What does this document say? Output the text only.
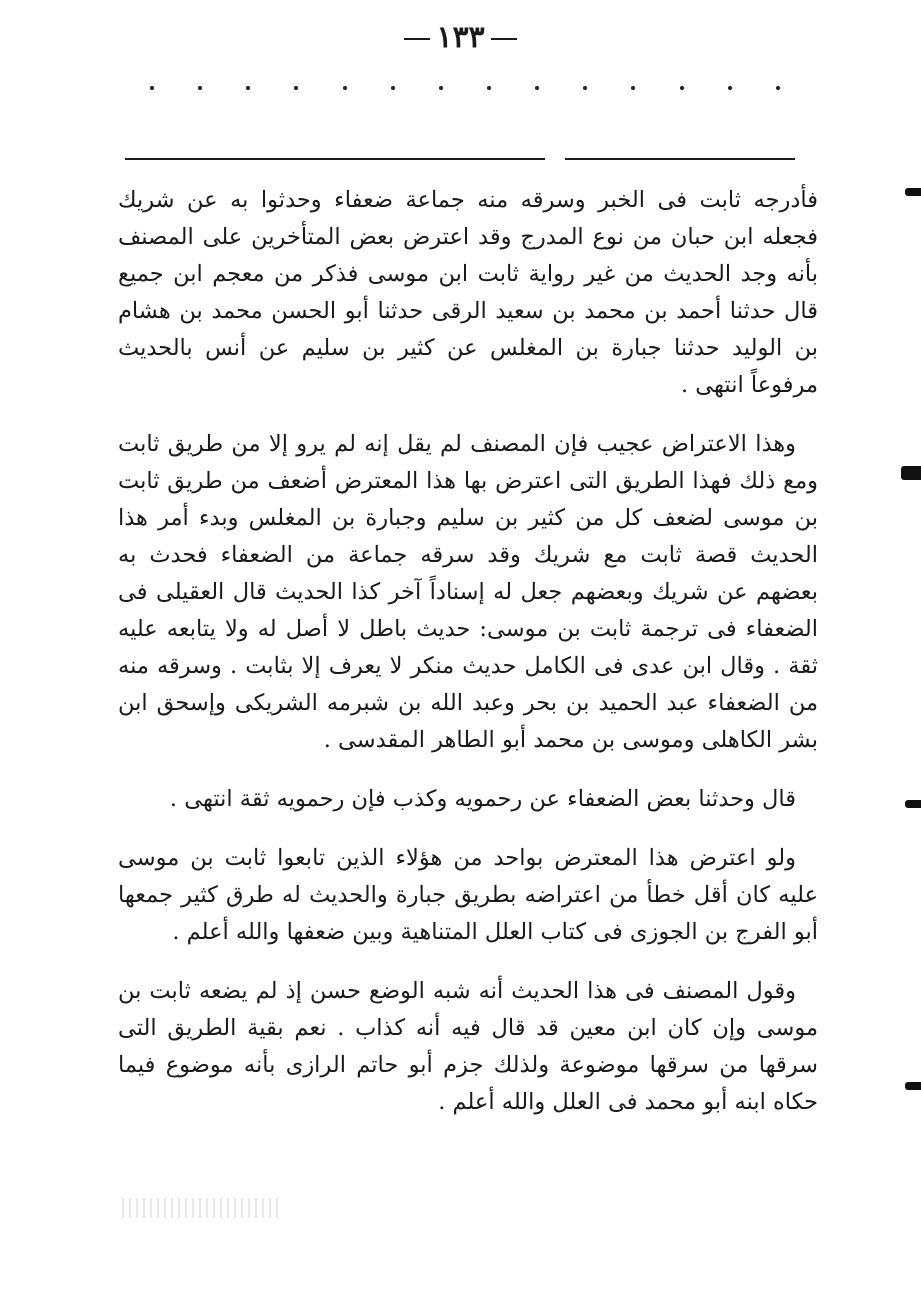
١٣٣

فأدرجه ثابت فى الخبر وسرقه منه جماعة ضعفاء وحدثوا به عن شريك فجعله ابن حبان من نوع المدرج وقد اعترض بعض المتأخرين على المصنف بأنه وجد الحديث من غير رواية ثابت ابن موسى فذكر من معجم ابن جميع قال حدثنا أحمد بن محمد بن سعيد الرقى حدثنا أبو الحسن محمد بن هشام بن الوليد حدثنا جبارة بن المغلس عن كثير بن سليم عن أنس بالحديث مرفوعاً انتهى .

وهذا الاعتراض عجيب فإن المصنف لم يقل إنه لم يرو إلا من طريق ثابت ومع ذلك فهذا الطريق التى اعترض بها هذا المعترض أضعف من طريق ثابت بن موسى لضعف كل من كثير بن سليم وجبارة بن المغلس وبدء أمر هذا الحديث قصة ثابت مع شريك وقد سرقه جماعة من الضعفاء فحدث به بعضهم عن شريك وبعضهم جعل له إسناداً آخر كذا الحديث قال العقيلى فى الضعفاء فى ترجمة ثابت بن موسى: حديث باطل لا أصل له ولا يتابعه عليه ثقة . وقال ابن عدى فى الكامل حديث منكر لا يعرف إلا بثابت . وسرقه منه من الضعفاء عبد الحميد بن بحر وعبد الله بن شبرمه الشريكى وإسحق ابن بشر الكاهلى وموسى بن محمد أبو الطاهر المقدسى .

قال وحدثنا بعض الضعفاء عن رحمويه وكذب فإن رحمويه ثقة انتهى .

ولو اعترض هذا المعترض بواحد من هؤلاء الذين تابعوا ثابت بن موسى عليه كان أقل خطأ من اعتراضه بطريق جبارة والحديث له طرق كثير جمعها أبو الفرج بن الجوزى فى كتاب العلل المتناهية وبين ضعفها والله أعلم .

وقول المصنف فى هذا الحديث أنه شبه الوضع حسن إذ لم يضعه ثابت بن موسى وإن كان ابن معين قد قال فيه أنه كذاب . نعم بقية الطريق التى سرقها من سرقها موضوعة ولذلك جزم أبو حاتم الرازى بأنه موضوع فيما حكاه ابنه أبو محمد فى العلل والله أعلم .
